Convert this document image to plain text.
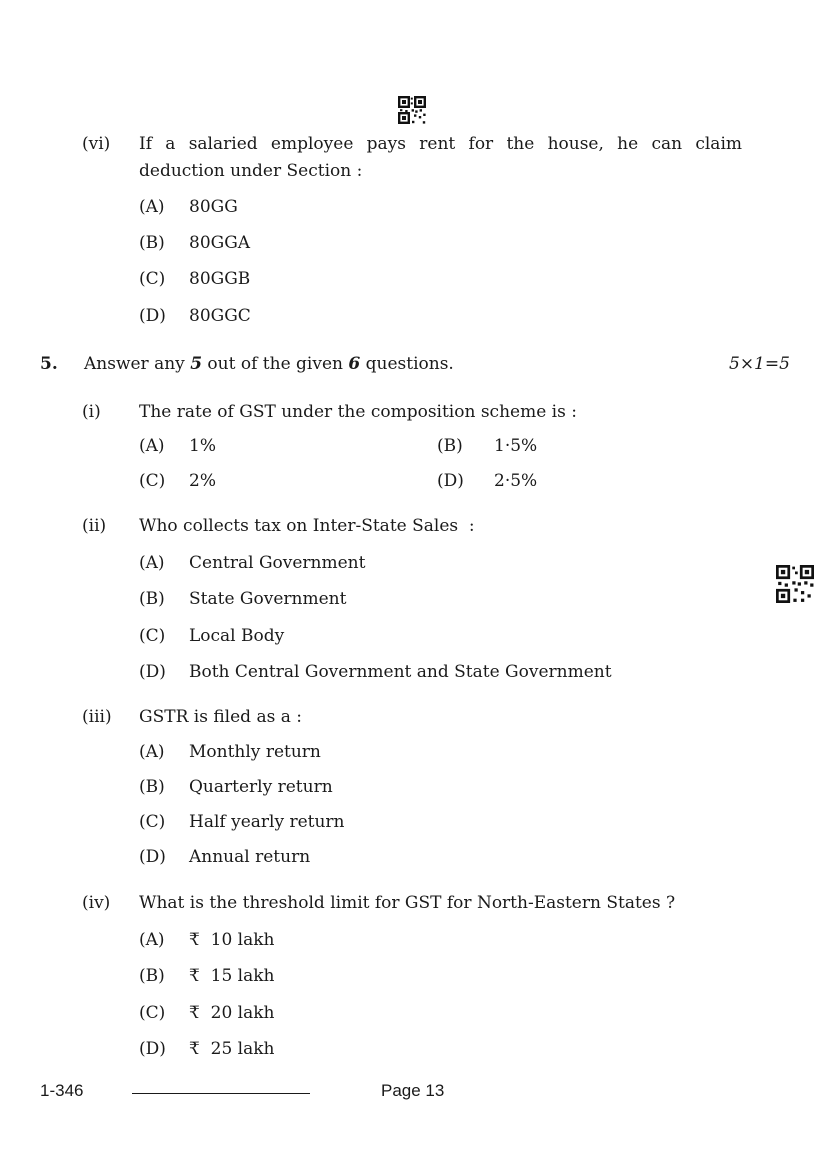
(vi) If a salaried employee pays rent for the house, he can claim
deduction under Section :
(A) 80GG
(B) 80GGA
(C) 80GGB
(D) 80GGC
5. Answer any 5 out of the given 6 questions.	5×1=5
(i) The rate of GST under the composition scheme is :
(A) 1%	(B) 1·5%
(C) 2%	(D) 2·5%
(ii) Who collects tax on Inter-State Sales  :
(A) Central Government
(B) State Government
(C) Local Body
(D) Both Central Government and State Government
(iii) GSTR is filed as a :
(A) Monthly return
(B) Quarterly return
(C) Half yearly return
(D) Annual return
(iv) What is the threshold limit for GST for North-Eastern States ?
(A) ₹  10 lakh
(B) ₹  15 lakh
(C) ₹  20 lakh
(D) ₹  25 lakh
1-346	Page 13
